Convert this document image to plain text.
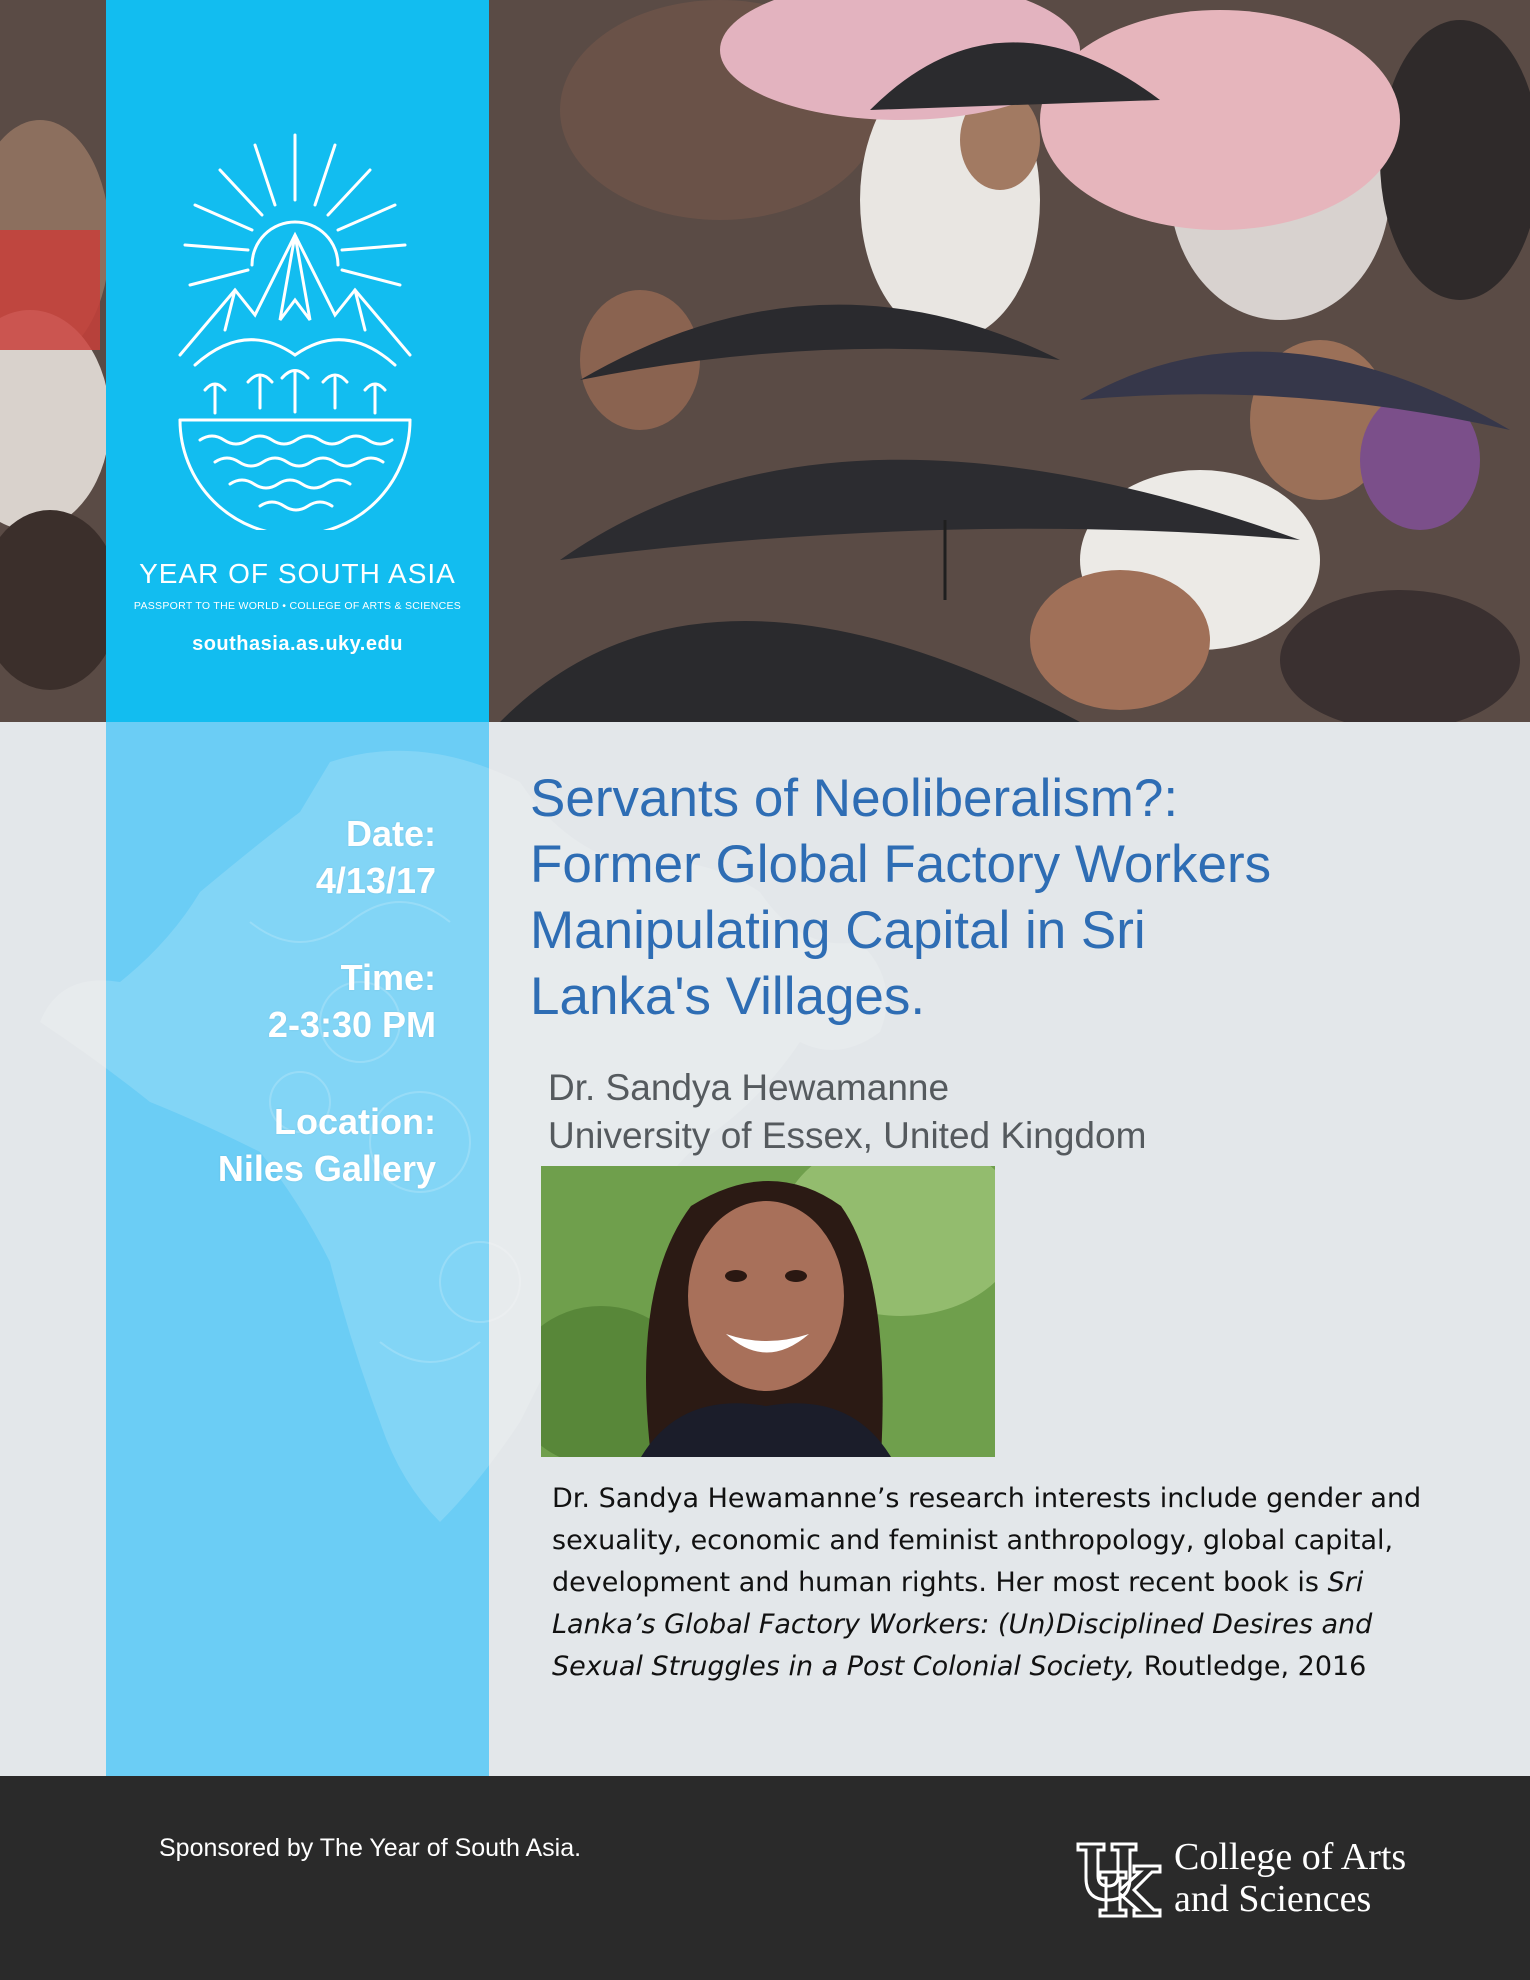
YEAR OF SOUTH ASIA
PASSPORT TO THE WORLD • COLLEGE OF ARTS & SCIENCES
southasia.as.uky.edu
Date:
4/13/17
Time:
2-3:30 PM
Location:
Niles Gallery
Servants of Neoliberalism?:
Former Global Factory Workers
Manipulating Capital in Sri
Lanka's Villages.
Dr. Sandya Hewamanne
University of Essex, United Kingdom
Dr. Sandya Hewamanne’s research interests include gender and sexuality, economic and feminist anthropology, global capital, development and human rights. Her most recent book is Sri Lanka’s Global Factory Workers: (Un)Disciplined Desires and Sexual Struggles in a Post Colonial Society, Routledge, 2016
Sponsored by The Year of South Asia.	College of Arts
and Sciences
